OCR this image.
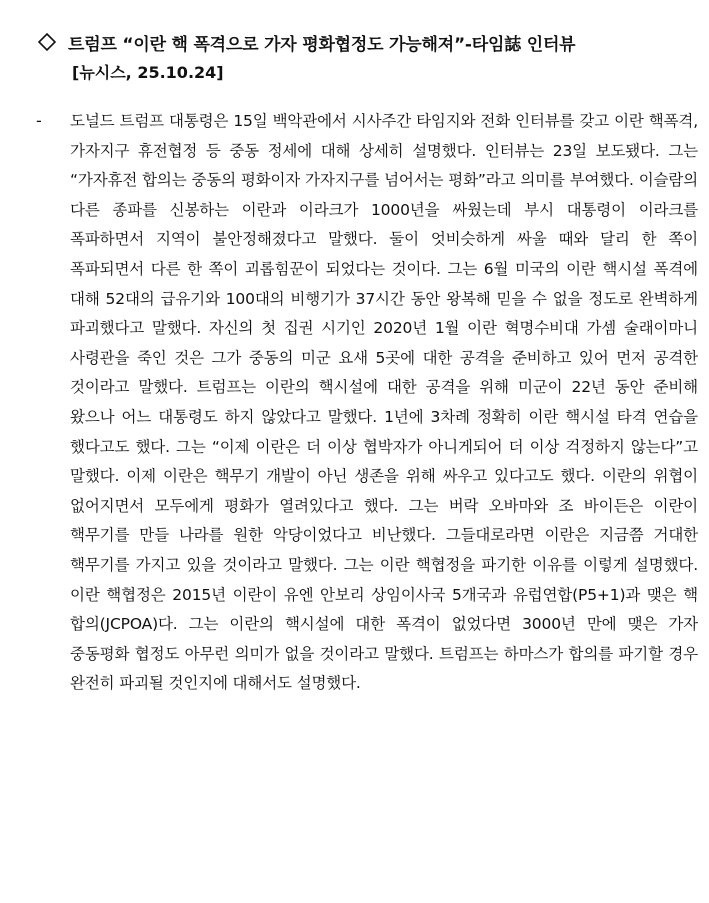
트럼프 “이란 핵 폭격으로 가자 평화협정도 가능해져”-타임誌 인터뷰
[뉴시스, 25.10.24]
- 도널드 트럼프 대통령은 15일 백악관에서 시사주간 타임지와 전화 인터뷰를 갖고 이란 핵폭격, 가자지구 휴전협정 등 중동 정세에 대해 상세히 설명했다. 인터뷰는 23일 보도됐다. 그는 “가자휴전 합의는 중동의 평화이자 가자지구를 넘어서는 평화”라고 의미를 부여했다. 이슬람의 다른 종파를 신봉하는 이란과 이라크가 1000년을 싸웠는데 부시 대통령이 이라크를 폭파하면서 지역이 불안정해졌다고 말했다. 둘이 엇비슷하게 싸울 때와 달리 한 쪽이 폭파되면서 다른 한 쪽이 괴롭힘꾼이 되었다는 것이다. 그는 6월 미국의 이란 핵시설 폭격에 대해 52대의 급유기와 100대의 비행기가 37시간 동안 왕복해 믿을 수 없을 정도로 완벽하게 파괴했다고 말했다. 자신의 첫 집권 시기인 2020년 1월 이란 혁명수비대 가셈 술래이마니 사령관을 죽인 것은 그가 중동의 미군 요새 5곳에 대한 공격을 준비하고 있어 먼저 공격한 것이라고 말했다. 트럼프는 이란의 핵시설에 대한 공격을 위해 미군이 22년 동안 준비해 왔으나 어느 대통령도 하지 않았다고 말했다. 1년에 3차례 정확히 이란 핵시설 타격 연습을 했다고도 했다. 그는 “이제 이란은 더 이상 협박자가 아니게되어 더 이상 걱정하지 않는다”고 말했다. 이제 이란은 핵무기 개발이 아닌 생존을 위해 싸우고 있다고도 했다. 이란의 위협이 없어지면서 모두에게 평화가 열려있다고 했다. 그는 버락 오바마와 조 바이든은 이란이 핵무기를 만들 나라를 원한 악당이었다고 비난했다. 그들대로라면 이란은 지금쯤 거대한 핵무기를 가지고 있을 것이라고 말했다. 그는 이란 핵협정을 파기한 이유를 이렇게 설명했다. 이란 핵협정은 2015년 이란이 유엔 안보리 상임이사국 5개국과 유럽연합(P5+1)과 맺은 핵 합의(JCPOA)다. 그는 이란의 핵시설에 대한 폭격이 없었다면 3000년 만에 맺은 가자 중동평화 협정도 아무런 의미가 없을 것이라고 말했다. 트럼프는 하마스가 합의를 파기할 경우 완전히 파괴될 것인지에 대해서도 설명했다.
